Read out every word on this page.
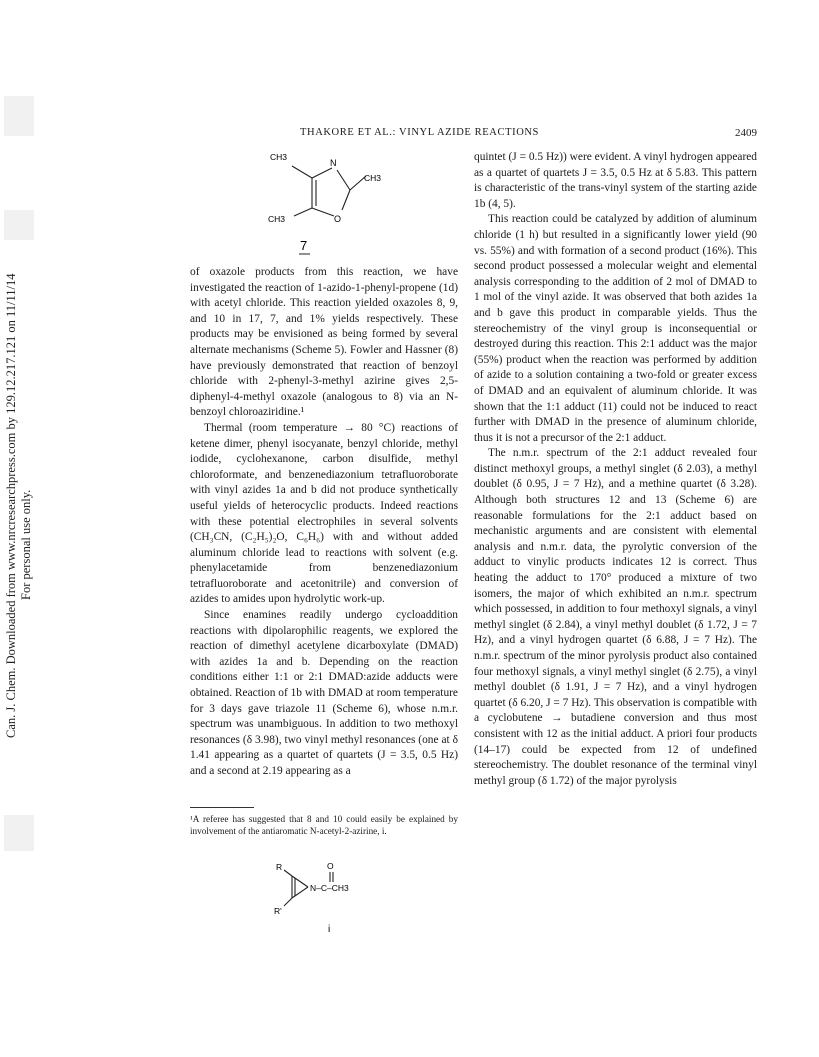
Can. J. Chem. Downloaded from www.nrcresearchpress.com by 129.12.217.121 on 11/11/14 For personal use only.
THAKORE ET AL.: VINYL AZIDE REACTIONS	2409
CH3
N
CH3
CH3	O
7

of oxazole products from this reaction, we have investigated the reaction of 1-azido-1-phenyl-propene (1d) with acetyl chloride. This reaction yielded oxazoles 8, 9, and 10 in 17, 7, and 1% yields respectively. These products may be envisioned as being formed by several alternate mechanisms (Scheme 5). Fowler and Hassner (8) have previously demonstrated that reaction of benzoyl chloride with 2-phenyl-3-methyl azirine gives 2,5-diphenyl-4-methyl oxazole (analogous to 8) via an N-benzoyl chloroaziridine.¹

Thermal (room temperature → 80 °C) reactions of ketene dimer, phenyl isocyanate, benzyl chloride, methyl iodide, cyclohexanone, carbon disulfide, methyl chloroformate, and benzenediazonium tetrafluoroborate with vinyl azides 1a and b did not produce synthetically useful yields of heterocyclic products. Indeed reactions with these potential electrophiles in several solvents (CH₃CN, (C₂H₅)₂O, C₆H₆) with and without added aluminum chloride lead to reactions with solvent (e.g. phenylacetamide from benzenediazonium tetrafluoroborate and acetonitrile) and conversion of azides to amides upon hydrolytic work-up.

Since enamines readily undergo cycloaddition reactions with dipolarophilic reagents, we explored the reaction of dimethyl acetylene dicarboxylate (DMAD) with azides 1a and b. Depending on the reaction conditions either 1:1 or 2:1 DMAD:azide adducts were obtained. Reaction of 1b with DMAD at room temperature for 3 days gave triazole 11 (Scheme 6), whose n.m.r. spectrum was unambiguous. In addition to two methoxyl resonances (δ 3.98), two vinyl methyl resonances (one at δ 1.41 appearing as a quartet of quartets (J = 3.5, 0.5 Hz) and a second at 2.19 appearing as a

¹A referee has suggested that 8 and 10 could easily be explained by involvement of the antiaromatic N-acetyl-2-azirine, i.
R	O
N–C–CH3
R'
i

quintet (J = 0.5 Hz)) were evident. A vinyl hydrogen appeared as a quartet of quartets J = 3.5, 0.5 Hz at δ 5.83. This pattern is characteristic of the trans-vinyl system of the starting azide 1b (4, 5).

This reaction could be catalyzed by addition of aluminum chloride (1 h) but resulted in a significantly lower yield (90 vs. 55%) and with formation of a second product (16%). This second product possessed a molecular weight and elemental analysis corresponding to the addition of 2 mol of DMAD to 1 mol of the vinyl azide. It was observed that both azides 1a and b gave this product in comparable yields. Thus the stereochemistry of the vinyl group is inconsequential or destroyed during this reaction. This 2:1 adduct was the major (55%) product when the reaction was performed by addition of azide to a solution containing a two-fold or greater excess of DMAD and an equivalent of aluminum chloride. It was shown that the 1:1 adduct (11) could not be induced to react further with DMAD in the presence of aluminum chloride, thus it is not a precursor of the 2:1 adduct.

The n.m.r. spectrum of the 2:1 adduct revealed four distinct methoxyl groups, a methyl singlet (δ 2.03), a methyl doublet (δ 0.95, J = 7 Hz), and a methine quartet (δ 3.28). Although both structures 12 and 13 (Scheme 6) are reasonable formulations for the 2:1 adduct based on mechanistic arguments and are consistent with elemental analysis and n.m.r. data, the pyrolytic conversion of the adduct to vinylic products indicates 12 is correct. Thus heating the adduct to 170° produced a mixture of two isomers, the major of which exhibited an n.m.r. spectrum which possessed, in addition to four methoxyl signals, a vinyl methyl singlet (δ 2.84), a vinyl methyl doublet (δ 1.72, J = 7 Hz), and a vinyl hydrogen quartet (δ 6.88, J = 7 Hz). The n.m.r. spectrum of the minor pyrolysis product also contained four methoxyl signals, a vinyl methyl singlet (δ 2.75), a vinyl methyl doublet (δ 1.91, J = 7 Hz), and a vinyl hydrogen quartet (δ 6.20, J = 7 Hz). This observation is compatible with a cyclobutene → butadiene conversion and thus most consistent with 12 as the initial adduct. A priori four products (14–17) could be expected from 12 of undefined stereochemistry. The doublet resonance of the terminal vinyl methyl group (δ 1.72) of the major pyrolysis
